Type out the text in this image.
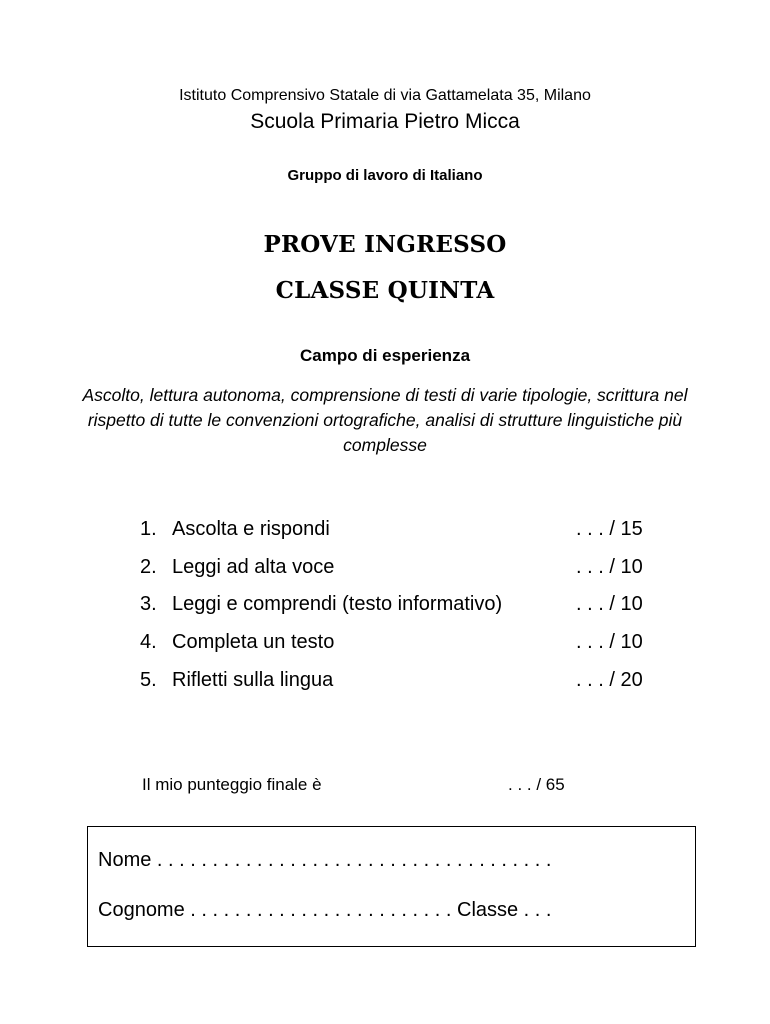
Istituto Comprensivo Statale di via Gattamelata 35, Milano
Scuola Primaria Pietro Micca
Gruppo di lavoro di Italiano
PROVE INGRESSO
CLASSE QUINTA
Campo di esperienza
Ascolto, lettura autonoma, comprensione di testi di varie tipologie, scrittura nel rispetto di tutte le convenzioni ortografiche, analisi di strutture linguistiche più complesse
1. Ascolta e rispondi	. . . / 15
2. Leggi ad alta voce	. . . / 10
3. Leggi e comprendi (testo informativo)	. . . / 10
4. Completa un testo	. . . / 10
5. Rifletti sulla lingua	. . . / 20
Il mio punteggio finale è	. . . / 65
Nome . . . . . . . . . . . . . . . . . . . . . . . . . . . . . . . . . . . .
Cognome . . . . . . . . . . . . . . . . . . . . . . . . Classe . . .
